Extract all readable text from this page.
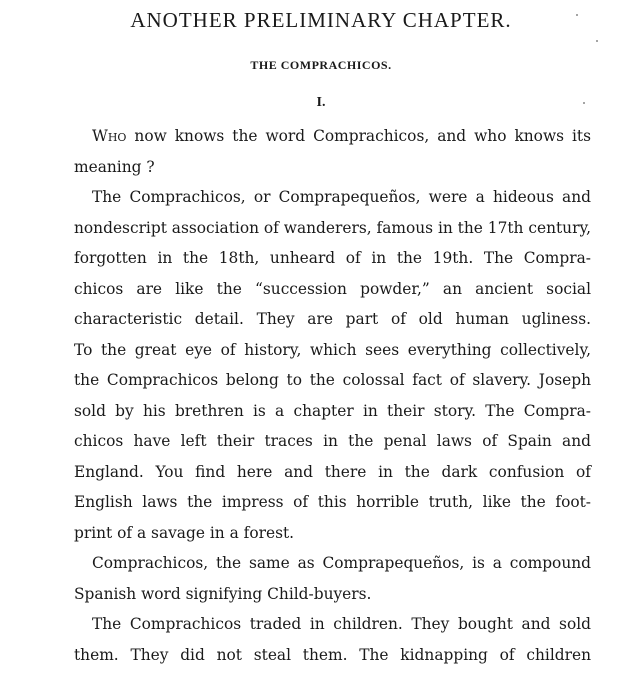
ANOTHER PRELIMINARY CHAPTER.
THE COMPRACHICOS.
I.
Who now knows the word Comprachicos, and who knows its
meaning ?
The Comprachicos, or Comprapequeños, were a hideous and
nondescript association of wanderers, famous in the 17th century,
forgotten in the 18th, unheard of in the 19th. The Compra-
chicos are like the “succession powder,” an ancient social
characteristic detail. They are part of old human ugliness.
To the great eye of history, which sees everything collectively,
the Comprachicos belong to the colossal fact of slavery. Joseph
sold by his brethren is a chapter in their story. The Compra-
chicos have left their traces in the penal laws of Spain and
England. You find here and there in the dark confusion of
English laws the impress of this horrible truth, like the foot-
print of a savage in a forest.
Comprachicos, the same as Comprapequeños, is a compound
Spanish word signifying Child-buyers.
The Comprachicos traded in children. They bought and sold
them. They did not steal them. The kidnapping of children
